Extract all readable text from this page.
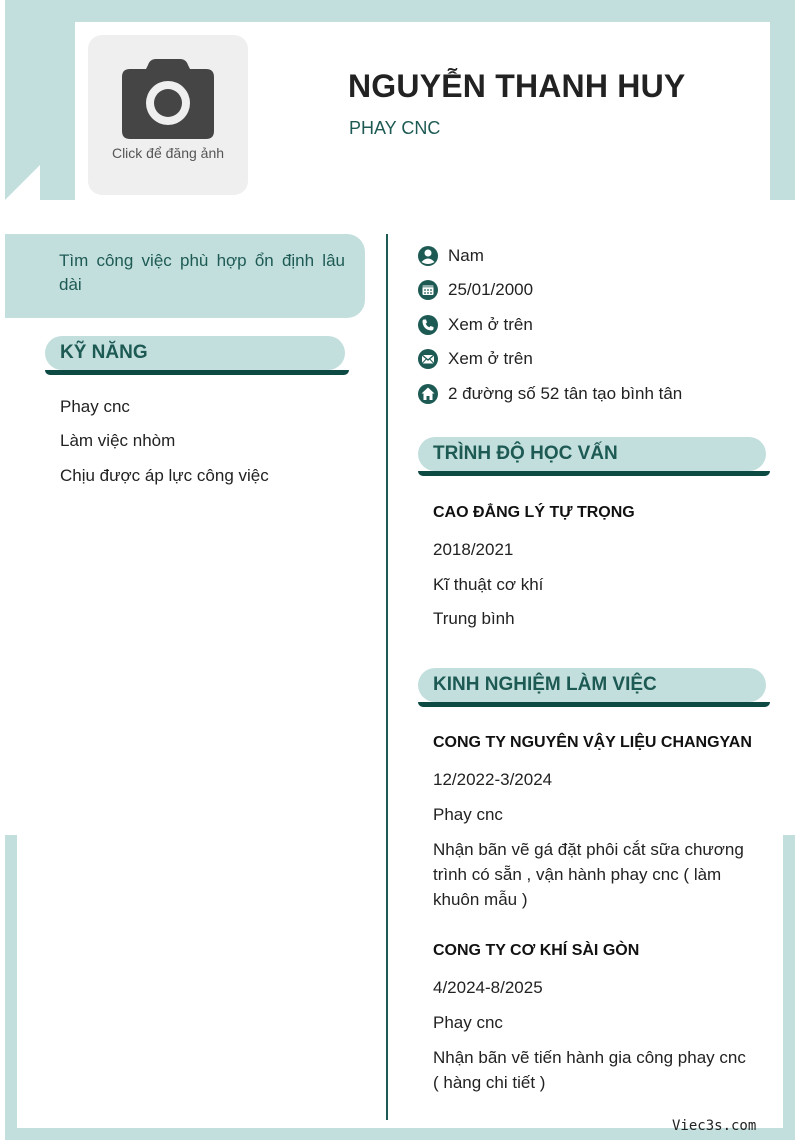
Click để đăng ảnh
NGUYỄN THANH HUY
PHAY CNC
Tìm công việc phù hợp ổn định lâu dài
KỸ NĂNG
Phay cnc
Làm việc nhòm
Chịu được áp lực công việc
Nam
25/01/2000
Xem ở trên
Xem ở trên
2 đường số 52 tân tạo bình tân
TRÌNH ĐỘ HỌC VẤN
CAO ĐẲNG LÝ TỰ TRỌNG
2018/2021
Kĩ thuật cơ khí
Trung bình
KINH NGHIỆM LÀM VIỆC
CONG TY NGUYÊN VẬY LIỆU CHANGYAN
12/2022-3/2024
Phay cnc
Nhận bãn vẽ gá đặt phôi cắt sữa chương trình có sẵn , vận hành phay cnc ( làm khuôn mẫu )
CONG TY CƠ KHÍ SÀI GÒN
4/2024-8/2025
Phay cnc
Nhận bãn vẽ tiến hành gia công phay cnc ( hàng chi tiết )
Viec3s.com
